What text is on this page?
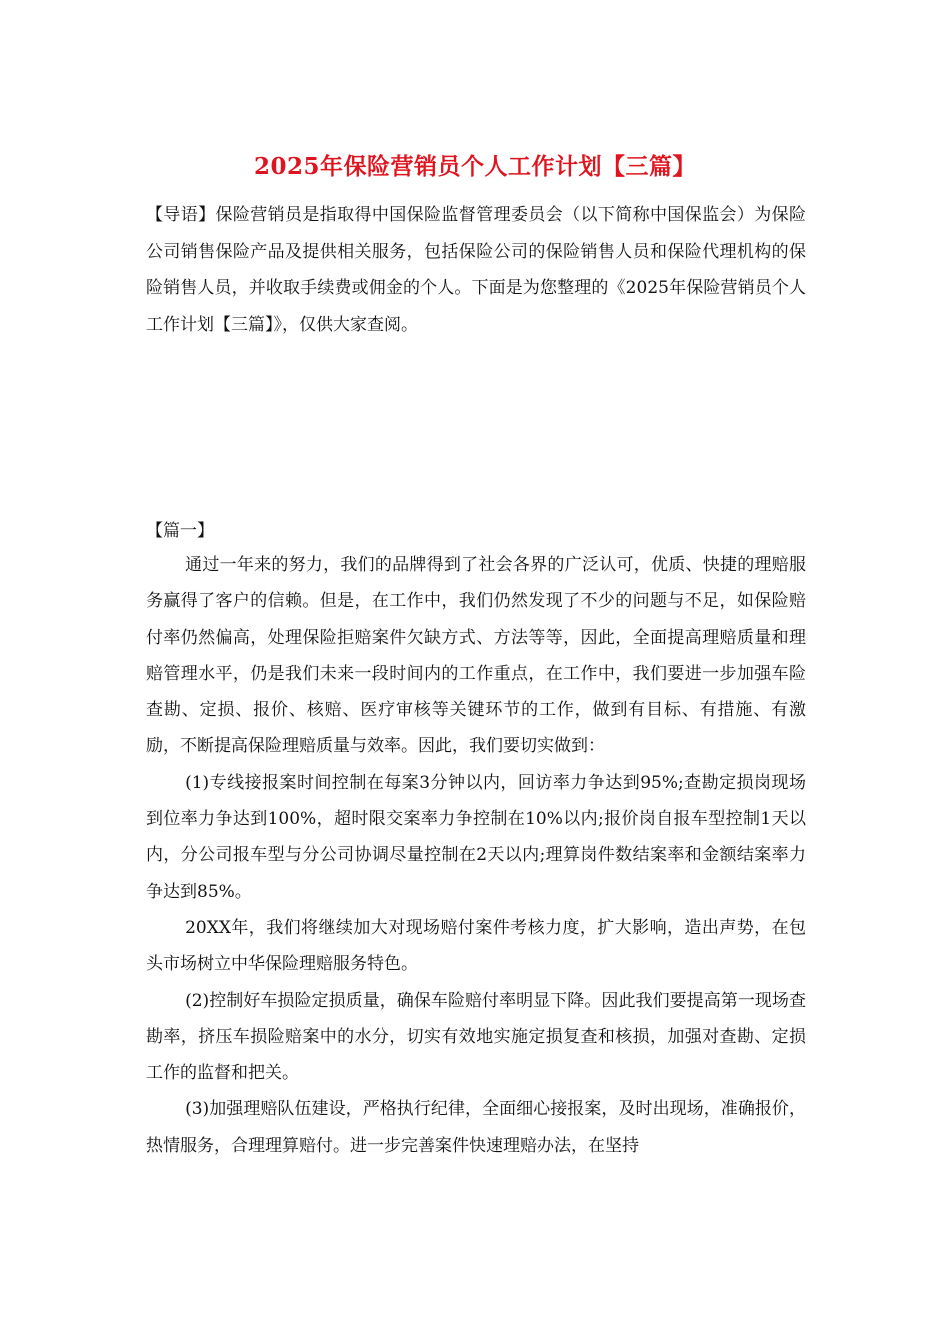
2025年保险营销员个人工作计划【三篇】
【导语】保险营销员是指取得中国保险监督管理委员会（以下简称中国保监会）为保险公司销售保险产品及提供相关服务，包括保险公司的保险销售人员和保险代理机构的保险销售人员，并收取手续费或佣金的个人。下面是为您整理的《2025年保险营销员个人工作计划【三篇】》，仅供大家查阅。
【篇一】

通过一年来的努力，我们的品牌得到了社会各界的广泛认可，优质、快捷的理赔服务赢得了客户的信赖。但是，在工作中，我们仍然发现了不少的问题与不足，如保险赔付率仍然偏高，处理保险拒赔案件欠缺方式、方法等等，因此，全面提高理赔质量和理赔管理水平，仍是我们未来一段时间内的工作重点，在工作中，我们要进一步加强车险查勘、定损、报价、核赔、医疗审核等关键环节的工作，做到有目标、有措施、有激励，不断提高保险理赔质量与效率。因此，我们要切实做到：

(1)专线接报案时间控制在每案3分钟以内，回访率力争达到95%;查勘定损岗现场到位率力争达到100%，超时限交案率力争控制在10%以内;报价岗自报车型控制1天以内，分公司报车型与分公司协调尽量控制在2天以内;理算岗件数结案率和金额结案率力争达到85%。

20XX年，我们将继续加大对现场赔付案件考核力度，扩大影响，造出声势，在包头市场树立中华保险理赔服务特色。

(2)控制好车损险定损质量，确保车险赔付率明显下降。因此我们要提高第一现场查勘率，挤压车损险赔案中的水分，切实有效地实施定损复查和核损，加强对查勘、定损工作的监督和把关。

(3)加强理赔队伍建设，严格执行纪律，全面细心接报案，及时出现场，准确报价，热情服务，合理理算赔付。进一步完善案件快速理赔办法，在坚持
